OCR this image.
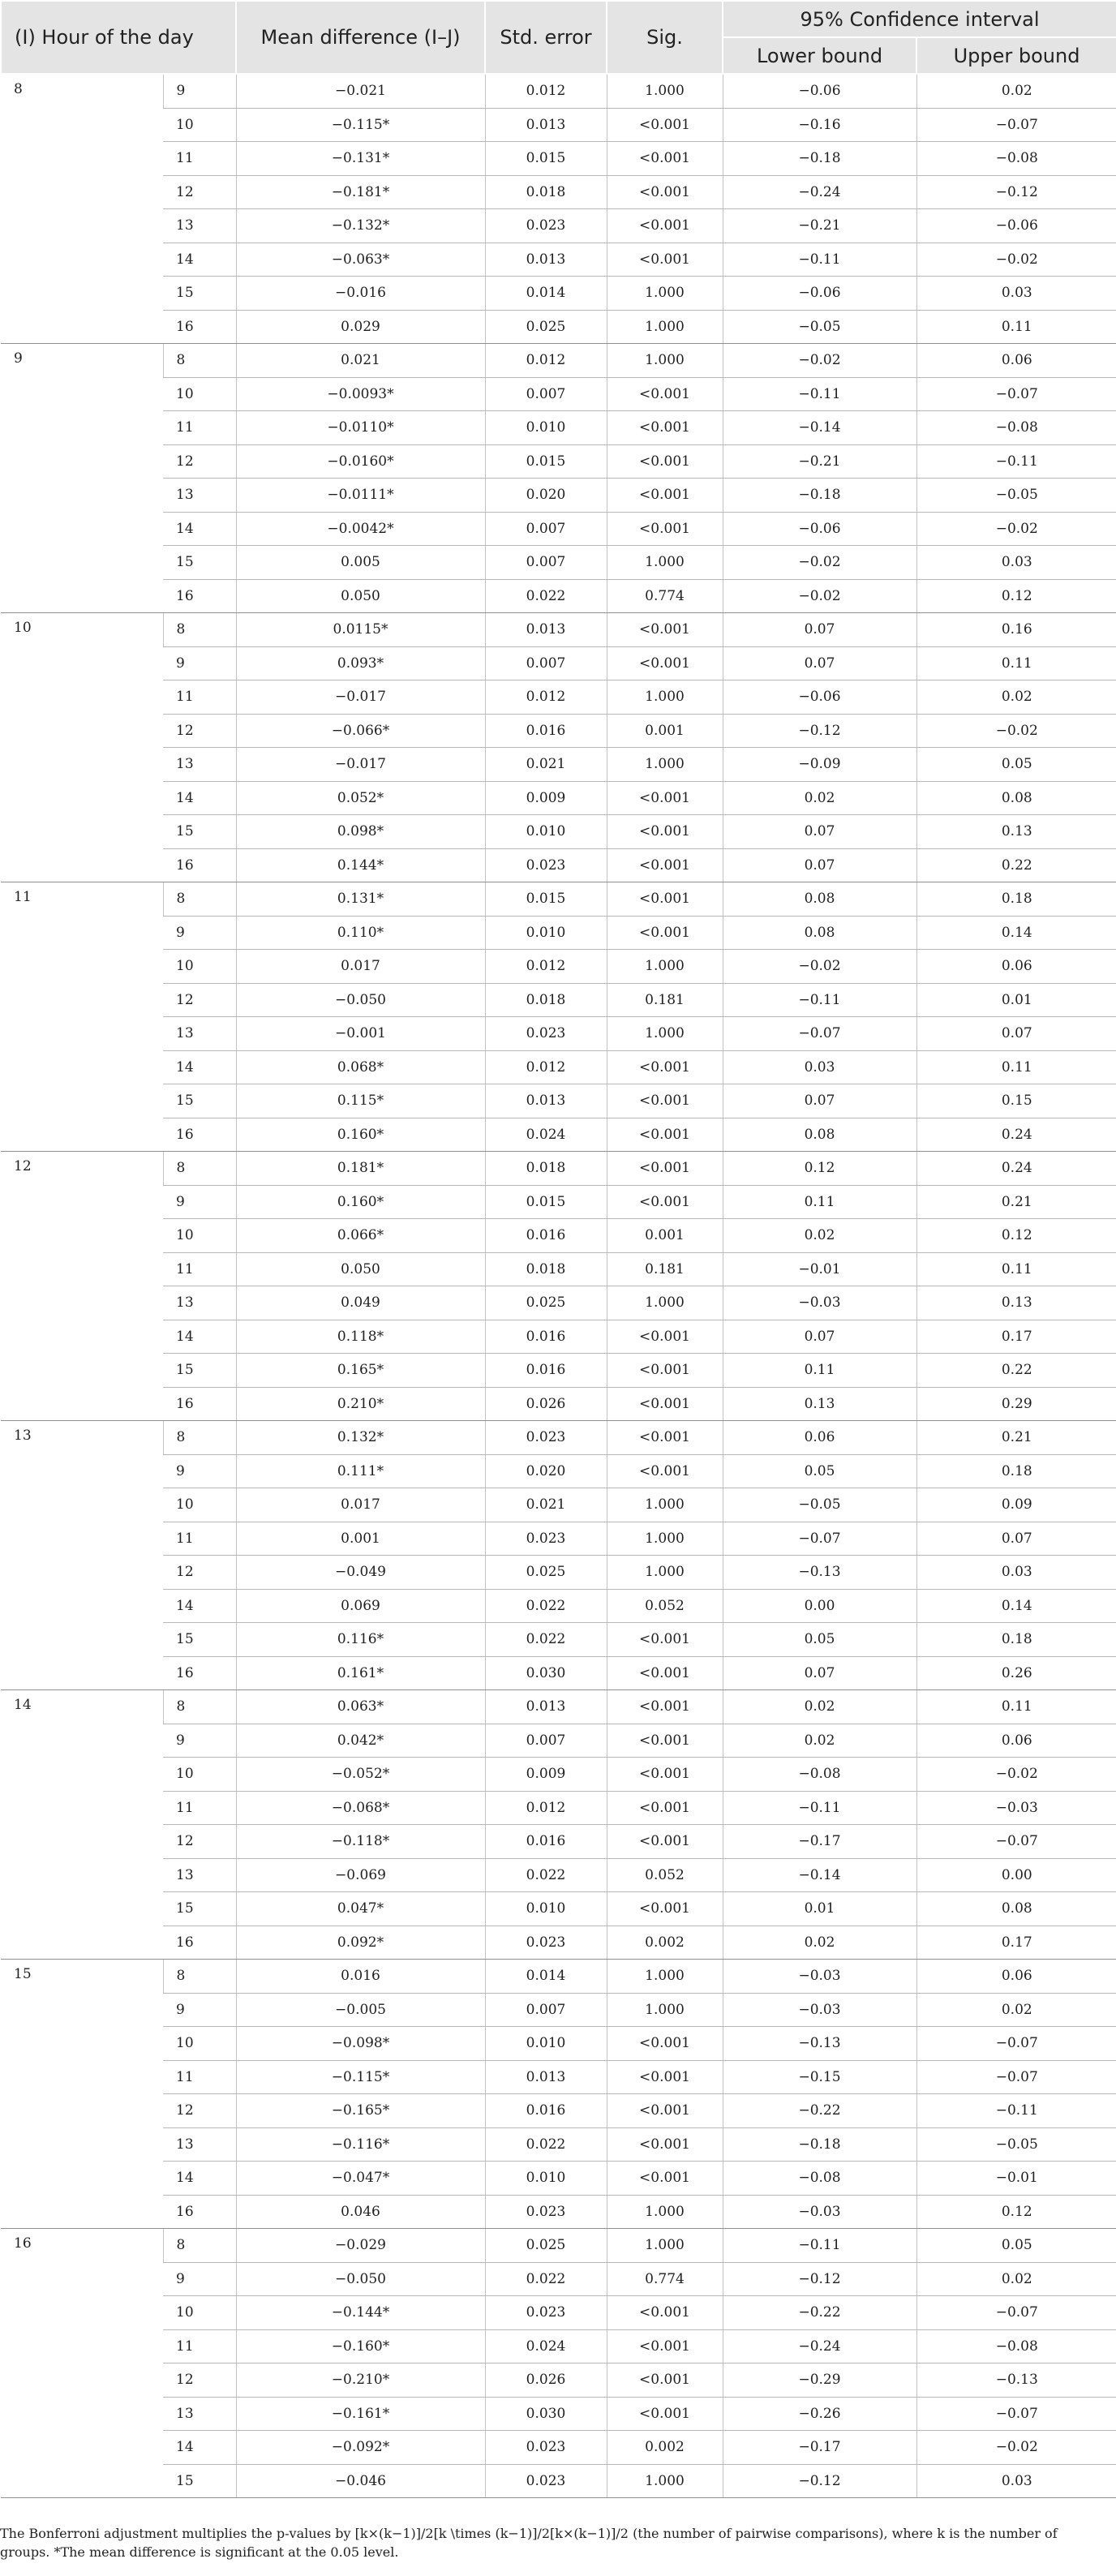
(I) Hour of the day		Mean difference (I–J)	Std. error	Sig.	95% Confidence interval	
					Lower bound	Upper bound
8	9	−0.021	0.012	1.000	−0.06	0.02
	10	−0.115*	0.013	<0.001	−0.16	−0.07
	11	−0.131*	0.015	<0.001	−0.18	−0.08
	12	−0.181*	0.018	<0.001	−0.24	−0.12
	13	−0.132*	0.023	<0.001	−0.21	−0.06
	14	−0.063*	0.013	<0.001	−0.11	−0.02
	15	−0.016	0.014	1.000	−0.06	0.03
	16	0.029	0.025	1.000	−0.05	0.11
9	8	0.021	0.012	1.000	−0.02	0.06
	10	−0.0093*	0.007	<0.001	−0.11	−0.07
	11	−0.0110*	0.010	<0.001	−0.14	−0.08
	12	−0.0160*	0.015	<0.001	−0.21	−0.11
	13	−0.0111*	0.020	<0.001	−0.18	−0.05
	14	−0.0042*	0.007	<0.001	−0.06	−0.02
	15	0.005	0.007	1.000	−0.02	0.03
	16	0.050	0.022	0.774	−0.02	0.12
10	8	0.0115*	0.013	<0.001	0.07	0.16
	9	0.093*	0.007	<0.001	0.07	0.11
	11	−0.017	0.012	1.000	−0.06	0.02
	12	−0.066*	0.016	0.001	−0.12	−0.02
	13	−0.017	0.021	1.000	−0.09	0.05
	14	0.052*	0.009	<0.001	0.02	0.08
	15	0.098*	0.010	<0.001	0.07	0.13
	16	0.144*	0.023	<0.001	0.07	0.22
11	8	0.131*	0.015	<0.001	0.08	0.18
	9	0.110*	0.010	<0.001	0.08	0.14
	10	0.017	0.012	1.000	−0.02	0.06
	12	−0.050	0.018	0.181	−0.11	0.01
	13	−0.001	0.023	1.000	−0.07	0.07
	14	0.068*	0.012	<0.001	0.03	0.11
	15	0.115*	0.013	<0.001	0.07	0.15
	16	0.160*	0.024	<0.001	0.08	0.24
12	8	0.181*	0.018	<0.001	0.12	0.24
	9	0.160*	0.015	<0.001	0.11	0.21
	10	0.066*	0.016	0.001	0.02	0.12
	11	0.050	0.018	0.181	−0.01	0.11
	13	0.049	0.025	1.000	−0.03	0.13
	14	0.118*	0.016	<0.001	0.07	0.17
	15	0.165*	0.016	<0.001	0.11	0.22
	16	0.210*	0.026	<0.001	0.13	0.29
13	8	0.132*	0.023	<0.001	0.06	0.21
	9	0.111*	0.020	<0.001	0.05	0.18
	10	0.017	0.021	1.000	−0.05	0.09
	11	0.001	0.023	1.000	−0.07	0.07
	12	−0.049	0.025	1.000	−0.13	0.03
	14	0.069	0.022	0.052	0.00	0.14
	15	0.116*	0.022	<0.001	0.05	0.18
	16	0.161*	0.030	<0.001	0.07	0.26
14	8	0.063*	0.013	<0.001	0.02	0.11
	9	0.042*	0.007	<0.001	0.02	0.06
	10	−0.052*	0.009	<0.001	−0.08	−0.02
	11	−0.068*	0.012	<0.001	−0.11	−0.03
	12	−0.118*	0.016	<0.001	−0.17	−0.07
	13	−0.069	0.022	0.052	−0.14	0.00
	15	0.047*	0.010	<0.001	0.01	0.08
	16	0.092*	0.023	0.002	0.02	0.17
15	8	0.016	0.014	1.000	−0.03	0.06
	9	−0.005	0.007	1.000	−0.03	0.02
	10	−0.098*	0.010	<0.001	−0.13	−0.07
	11	−0.115*	0.013	<0.001	−0.15	−0.07
	12	−0.165*	0.016	<0.001	−0.22	−0.11
	13	−0.116*	0.022	<0.001	−0.18	−0.05
	14	−0.047*	0.010	<0.001	−0.08	−0.01
	16	0.046	0.023	1.000	−0.03	0.12
16	8	−0.029	0.025	1.000	−0.11	0.05
	9	−0.050	0.022	0.774	−0.12	0.02
	10	−0.144*	0.023	<0.001	−0.22	−0.07
	11	−0.160*	0.024	<0.001	−0.24	−0.08
	12	−0.210*	0.026	<0.001	−0.29	−0.13
	13	−0.161*	0.030	<0.001	−0.26	−0.07
	14	−0.092*	0.023	0.002	−0.17	−0.02
	15	−0.046	0.023	1.000	−0.12	0.03

The Bonferroni adjustment multiplies the p-values by [k×(k−1)]/2[k \times (k−1)]/2[k×(k−1)]/2 (the number of pairwise comparisons), where k is the number of groups. *The mean difference is significant at the 0.05 level.
